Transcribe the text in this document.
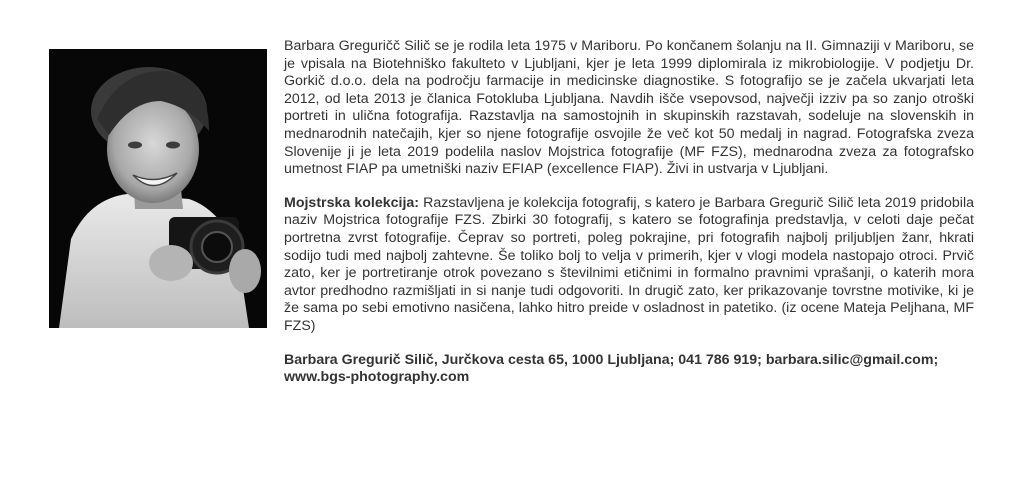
Barbara Greguričč Silič se je rodila leta 1975 v Mariboru. Po končanem šolanju na II. Gimnaziji v Mariboru, se je vpisala na Biotehniško fakulteto v Ljubljani, kjer je leta 1999 diplomirala iz mikrobiologije. V podjetju Dr. Gorkič d.o.o. dela na področju farmacije in medicinske diagnostike. S fotografijo se je začela ukvarjati leta 2012, od leta 2013 je članica Fotokluba Ljubljana. Navdih išče vsepovsod, največji izziv pa so zanjo otroški portreti in ulična fotografija. Razstavlja na samostojnih in skupinskih razstavah, sodeluje na slovenskih in mednarodnih natečajih, kjer so njene fotografije osvojile že več kot 50 medalj in nagrad. Fotografska zveza Slovenije ji je leta 2019 podelila naslov Mojstrica fotografije (MF FZS), mednarodna zveza za fotografsko umetnost FIAP pa umetniški naziv EFIAP (excellence FIAP). Živi in ustvarja v Ljubljani.

Mojstrska kolekcija: Razstavljena je kolekcija fotografij, s katero je Barbara Gregurič Silič leta 2019 pridobila naziv Mojstrica fotografije FZS. Zbirki 30 fotografij, s katero se fotografinja predstavlja, v celoti daje pečat portretna zvrst fotografije. Čeprav so portreti, poleg pokrajine, pri fotografih najbolj priljubljen žanr, hkrati sodijo tudi med najbolj zahtevne. Še toliko bolj to velja v primerih, kjer v vlogi modela nastopajo otroci. Prvič zato, ker je portretiranje otrok povezano s številnimi etičnimi in formalno pravnimi vprašanji, o katerih mora avtor predhodno razmišljati in si nanje tudi odgovoriti. In drugič zato, ker prikazovanje tovrstne motivike, ki je že sama po sebi emotivno nasičena, lahko hitro preide v osladnost in patetiko. (iz ocene Mateja Peljhana, MF FZS)

Barbara Gregurič Silič, Jurčkova cesta 65, 1000 Ljubljana; 041 786 919; barbara.silic@gmail.com;
www.bgs-photography.com
